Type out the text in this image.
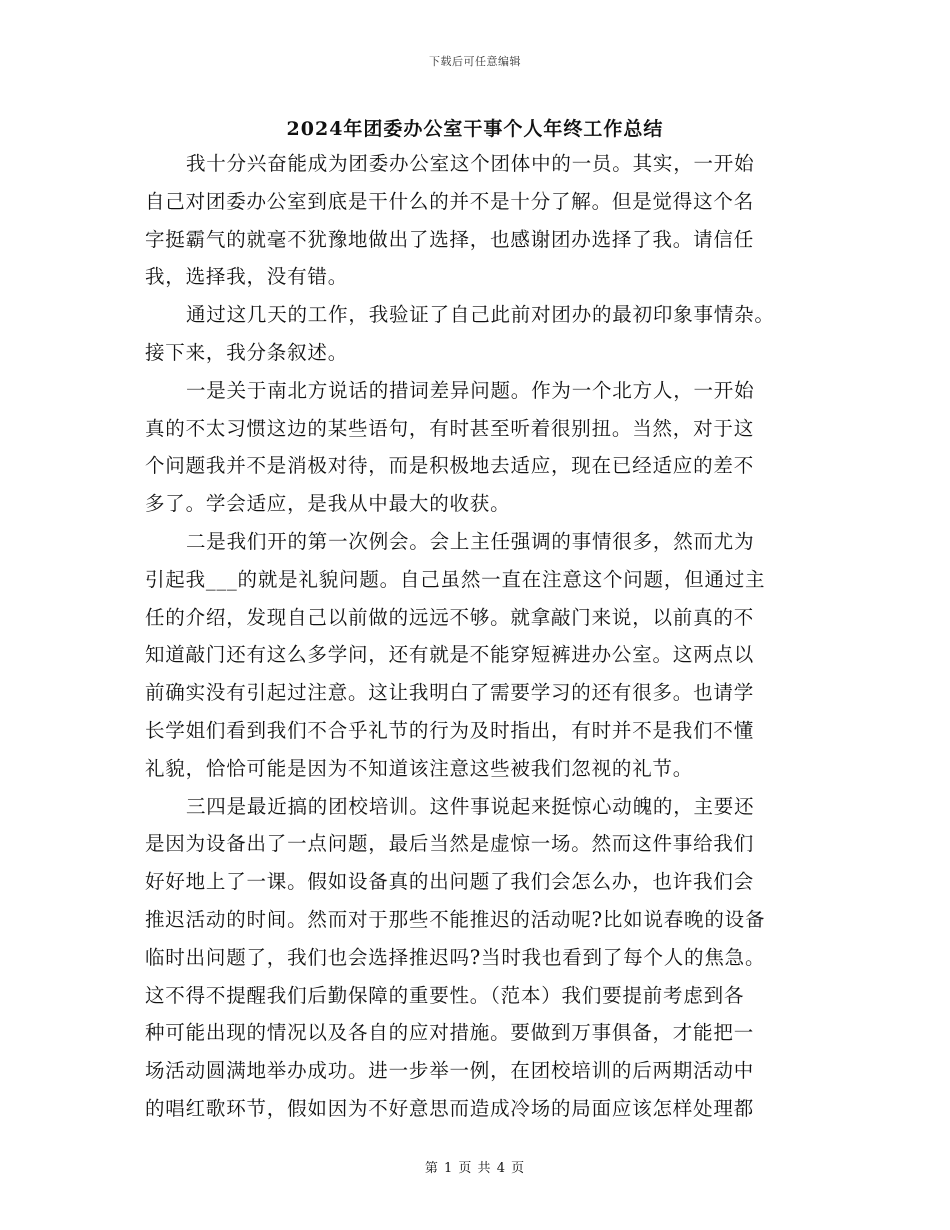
下载后可任意编辑
2024年团委办公室干事个人年终工作总结
我十分兴奋能成为团委办公室这个团体中的一员。其实，一开始
自己对团委办公室到底是干什么的并不是十分了解。但是觉得这个名
字挺霸气的就毫不犹豫地做出了选择，也感谢团办选择了我。请信任
我，选择我，没有错。
通过这几天的工作，我验证了自己此前对团办的最初印象事情杂。
接下来，我分条叙述。
一是关于南北方说话的措词差异问题。作为一个北方人，一开始
真的不太习惯这边的某些语句，有时甚至听着很别扭。当然，对于这
个问题我并不是消极对待，而是积极地去适应，现在已经适应的差不
多了。学会适应，是我从中最大的收获。
二是我们开的第一次例会。会上主任强调的事情很多，然而尤为
引起我___的就是礼貌问题。自己虽然一直在注意这个问题，但通过主
任的介绍，发现自己以前做的远远不够。就拿敲门来说，以前真的不
知道敲门还有这么多学问，还有就是不能穿短裤进办公室。这两点以
前确实没有引起过注意。这让我明白了需要学习的还有很多。也请学
长学姐们看到我们不合乎礼节的行为及时指出，有时并不是我们不懂
礼貌，恰恰可能是因为不知道该注意这些被我们忽视的礼节。
三四是最近搞的团校培训。这件事说起来挺惊心动魄的，主要还
是因为设备出了一点问题，最后当然是虚惊一场。然而这件事给我们
好好地上了一课。假如设备真的出问题了我们会怎么办，也许我们会
推迟活动的时间。然而对于那些不能推迟的活动呢?比如说春晚的设备
临时出问题了，我们也会选择推迟吗?当时我也看到了每个人的焦急。
这不得不提醒我们后勤保障的重要性。（范本）我们要提前考虑到各
种可能出现的情况以及各自的应对措施。要做到万事俱备，才能把一
场活动圆满地举办成功。进一步举一例，在团校培训的后两期活动中
的唱红歌环节，假如因为不好意思而造成冷场的局面应该怎样处理都
第 1 页 共 4 页
